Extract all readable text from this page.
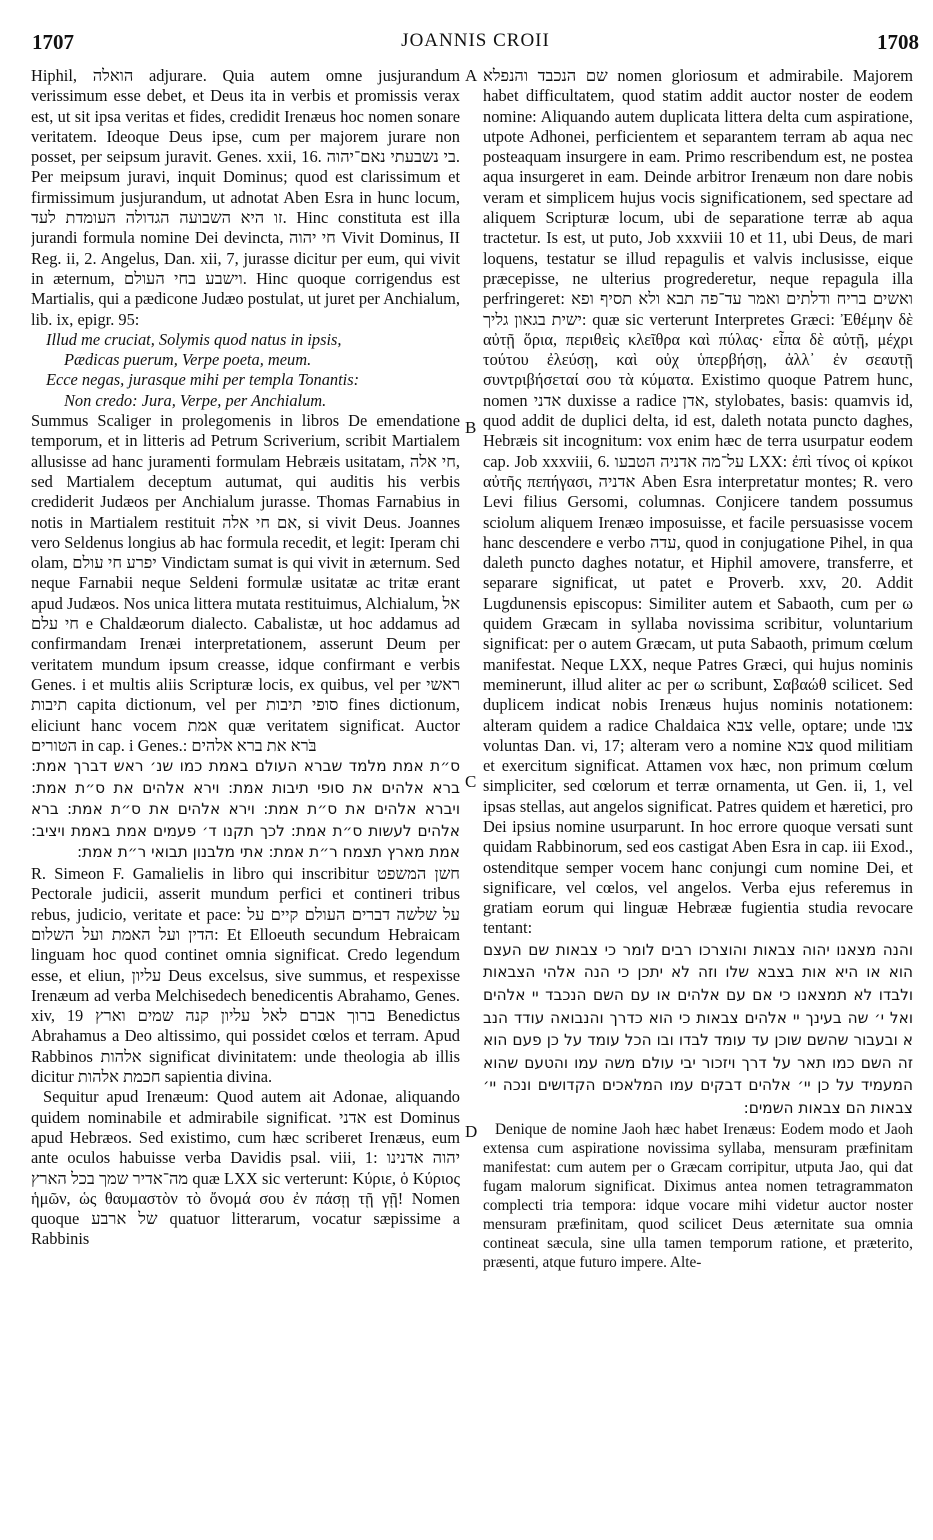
1707	JOANNIS CROII	1708

Hiphil, הואלה adjurare. Quia autem omne jusjurandum verissimum esse debet, et Deus ita in verbis et promissis verax est, ut sit ipsa veritas et fides, credidit Irenæus hoc nomen sonare veritatem. Ideoque Deus ipse, cum per majorem jurare non posset, per seipsum juravit. Genes. xxii, 16. בי נשבעתי נאם־יהוה. Per meipsum juravi, inquit Dominus; quod est clarissimum et firmissimum jusjurandum, ut adnotat Aben Esra in hunc locum, זו היא השבועה הגדולה העומדת לעד. Hinc constituta est illa jurandi formula nomine Dei devincta, חי יהוה Vivit Dominus, II Reg. ii, 2. Angelus, Dan. xii, 7, jurasse dicitur per eum, qui vivit in æternum, וישבע בחי העולם. Hinc quoque corrigendus est Martialis, qui a pædicone Judæo postulat, ut juret per Anchialum, lib. ix, epigr. 95:

Illud me cruciat, Solymis quod natus in ipsis,
Pædicas puerum, Verpe poeta, meum.
Ecce negas, jurasque mihi per templa Tonantis:
Non credo: Jura, Verpe, per Anchialum.

Summus Scaliger in prolegomenis in libros De emendatione temporum, et in litteris ad Petrum Scriverium, scribit Martialem allusisse ad hanc juramenti formulam Hebræis usitatam, חי אלה, sed Martialem deceptum autumat, qui auditis his verbis crediderit Judæos per Anchialum jurasse. Thomas Farnabius in notis in Martialem restituit אם חי אלה, si vivit Deus. Joannes vero Seldenus longius ab hac formula recedit, et legit: Iperam chi olam, יפרע חי עולם Vindictam sumat is qui vivit in æternum. Sed neque Farnabii neque Seldeni formulæ usitatæ ac tritæ erant apud Judæos. Nos unica littera mutata restituimus, Alchialum, אל חי עלם e Chaldæorum dialecto. Cabalistæ, ut hoc addamus ad confirmandam Irenæi interpretationem, asserunt Deum per veritatem mundum ipsum creasse, idque confirmant e verbis Genes. i et multis aliis Scripturæ locis, ex quibus, vel per ראשי תיבות capita dictionum, vel per סופי תיבות fines dictionum, eliciunt hanc vocem אמת quæ veritatem significat. Auctor הטורים in cap. i Genes.: בֹּרא את ברא אלהים

ס״ת אמת מלמד שברא העולם באמת כמו שנ׳ ראש דברך אמת: ברא אלהים את סופי תיבות אמת: וירא אלהים את ס״ת אמת: ויברא אלהים את ס״ת אמת: וירא אלהים את ס״ת אמת: ברא אלהים לעשות ס״ת אמת: לכך תקנו ד׳ פעמים אמת באמת ויציב: אמת מארץ תצמח ר״ת אמת: אתי מלבנון תבואי ר״ת אמת:

R. Simeon F. Gamalielis in libro qui inscribitur חשן המשפט Pectorale judicii, asserit mundum perfici et contineri tribus rebus, judicio, veritate et pace: על שלשה דברים העולם קיים על הדין ועל האמת ועל השלום: Et Elloeuth secundum Hebraicam linguam hoc quod continet omnia significat. Credo legendum esse, et eliun, עליון Deus excelsus, sive summus, et respexisse Irenæum ad verba Melchisedech benedicentis Abrahamo, Genes. xiv, 19 ברוך אברם לאל עליון קנה שמים וארץ Benedictus Abrahamus a Deo altissimo, qui possidet cœlos et terram. Apud Rabbinos אלהות significat divinitatem: unde theologia ab illis dicitur חכמת אלהות sapientia divina.

Sequitur apud Irenæum: Quod autem ait Adonae, aliquando quidem nominabile et admirabile significat. אדני est Dominus apud Hebræos. Sed existimo, cum hæc scriberet Irenæus, eum ante oculos habuisse verba Davidis psal. viii, 1: יהוה אדנינו מה־אדיר שמך בכל הארץ quæ LXX sic verterunt: Κύριε, ὁ Κύριος ἡμῶν, ὡς θαυμαστὸν τὸ ὄνομά σου ἐν πάσῃ τῇ γῇ! Nomen quoque של ארבע quatuor litterarum, vocatur sæpissime a Rabbinis

A
B
C
D

שם הנכבד והנפלא nomen gloriosum et admirabile. Majorem habet difficultatem, quod statim addit auctor noster de eodem nomine: Aliquando autem duplicata littera delta cum aspiratione, utpote Adhonei, perficientem et separantem terram ab aqua nec posteaquam insurgere in eam. Primo rescribendum est, ne postea aqua insurgeret in eam. Deinde arbitror Irenæum non dare nobis veram et simplicem hujus vocis significationem, sed spectare ad aliquem Scripturæ locum, ubi de separatione terræ ab aqua tractetur. Is est, ut puto, Job xxxviii 10 et 11, ubi Deus, de mari loquens, testatur se illud repagulis et valvis inclusisse, eique præcepisse, ne ulterius progrederetur, neque repagula illa perfringeret: ואשים בריח ודלתים ואמר עד־פה תבא ולא תסיף ופא ישית בגאון גליך: quæ sic verterunt Interpretes Græci: Ἐθέμην δὲ αὐτῇ ὅρια, περιθεὶς κλεῖθρα καὶ πύλας· εἶπα δὲ αὐτῇ, μέχρι τούτου ἐλεύσῃ, καὶ οὐχ ὑπερβήσῃ, ἀλλ᾽ ἐν σεαυτῇ συντριβήσεταί σου τὰ κύματα. Existimo quoque Patrem hunc, nomen אדני duxisse a radice אדן, stylobates, basis: quamvis id, quod addit de duplici delta, id est, daleth notata puncto daghes, Hebræis sit incognitum: vox enim hæc de terra usurpatur eodem cap. Job xxxviii, 6. על־מה אדניה הטבעו LXX: ἐπὶ τίνος οἱ κρίκοι αὐτῆς πεπήγασι, אדניה Aben Esra interpretatur montes; R. vero Levi filius Gersomi, columnas. Conjicere tandem possumus sciolum aliquem Irenæo imposuisse, et facile persuasisse vocem hanc descendere e verbo עדה, quod in conjugatione Pihel, in qua daleth puncto daghes notatur, et Hiphil amovere, transferre, et separare significat, ut patet e Proverb. xxv, 20. Addit Lugdunensis episcopus: Similiter autem et Sabaoth, cum per ω quidem Græcam in syllaba novissima scribitur, voluntarium significat: per o autem Græcam, ut puta Sabaoth, primum cœlum manifestat. Neque LXX, neque Patres Græci, qui hujus nominis meminerunt, illud aliter ac per ω scribunt, Σαβαώθ scilicet. Sed duplicem indicat nobis Irenæus hujus nominis notationem: alteram quidem a radice Chaldaica צבא velle, optare; unde צבו voluntas Dan. vi, 17; alteram vero a nomine צבא quod militiam et exercitum significat. Attamen vox hæc, non primum cœlum simpliciter, sed cœlorum et terræ ornamenta, ut Gen. ii, 1, vel ipsas stellas, aut angelos significat. Patres quidem et hæretici, pro Dei ipsius nomine usurparunt. In hoc errore quoque versati sunt quidam Rabbinorum, sed eos castigat Aben Esra in cap. iii Exod., ostenditque semper vocem hanc conjungi cum nomine Dei, et significare, vel cœlos, vel angelos. Verba ejus referemus in gratiam eorum qui linguæ Hebrææ fugientia studia revocare tentant:

והנה מצאנו יהוה צבאות והוצרכו רבים לומר כי צבאות שם העצם הוא או היא אות בצבא שלו וזה לא יתכן כי הנה אלהי הצבאות ולבדו לא תמצאנו כי אם עם אלהים או עם השם הנכבד יי אלהים ואל י׳ שה בעינך יי אלהים צבאות כי הוא כדרך והנבואה עודד הנב א ובעבור שהשם שוכן עד עומד לבדו ובו הכל עומד על כן פעם הוא זה השם כמו תאר על דרך ויזכור יבי עולם משה עמו והטעם שהוא המעמיד על כן יי׳ אלהים דבקים עמו המלאכים הקדושים ונכה יי׳ צבאות הם צבאות השמים:

Denique de nomine Jaoh hæc habet Irenæus: Eodem modo et Jaoh extensa cum aspiratione novissima syllaba, mensuram præfinitam manifestat: cum autem per o Græcam corripitur, utputa Jao, qui dat fugam malorum significat. Diximus antea nomen tetragrammaton complecti tria tempora: idque vocare mihi videtur auctor noster mensuram præfinitam, quod scilicet Deus æternitate sua omnia contineat sæcula, sine ulla tamen temporum ratione, et præterito, præsenti, atque futuro impere. Alte-
